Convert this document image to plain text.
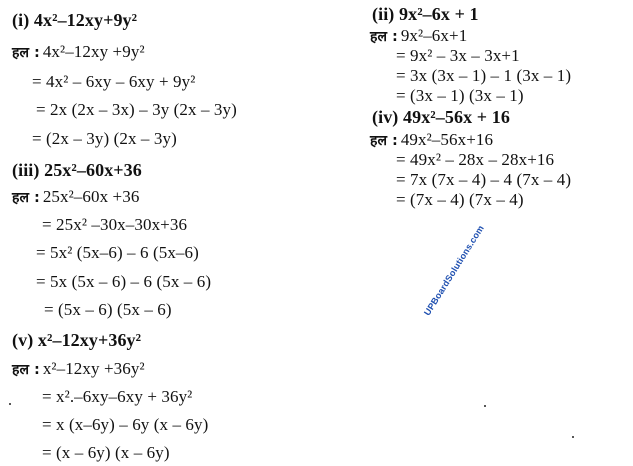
(i) 4x²–12xy+9y²
हल : 4x²–12xy +9y²
= 4x² – 6xy – 6xy + 9y²
= 2x (2x – 3x) – 3y (2x – 3y)
= (2x – 3y) (2x – 3y)
(iii) 25x²–60x+36
हल : 25x²–60x +36
= 25x² –30x–30x+36
= 5x² (5x–6) – 6 (5x–6)
= 5x (5x – 6) – 6 (5x – 6)
= (5x – 6) (5x – 6)
(v) x²–12xy+36y²
हल : x²–12xy +36y²
= x².–6xy–6xy + 36y²
= x (x–6y) – 6y (x – 6y)
= (x – 6y) (x – 6y)
(ii) 9x²–6x + 1
हल : 9x²–6x+1
= 9x² – 3x – 3x+1
= 3x (3x – 1) – 1 (3x – 1)
= (3x – 1) (3x – 1)
(iv) 49x²–56x + 16
हल : 49x²–56x+16
= 49x² – 28x – 28x+16
= 7x (7x – 4) – 4 (7x – 4)
= (7x – 4) (7x – 4)
UPBoardSolutions.com
